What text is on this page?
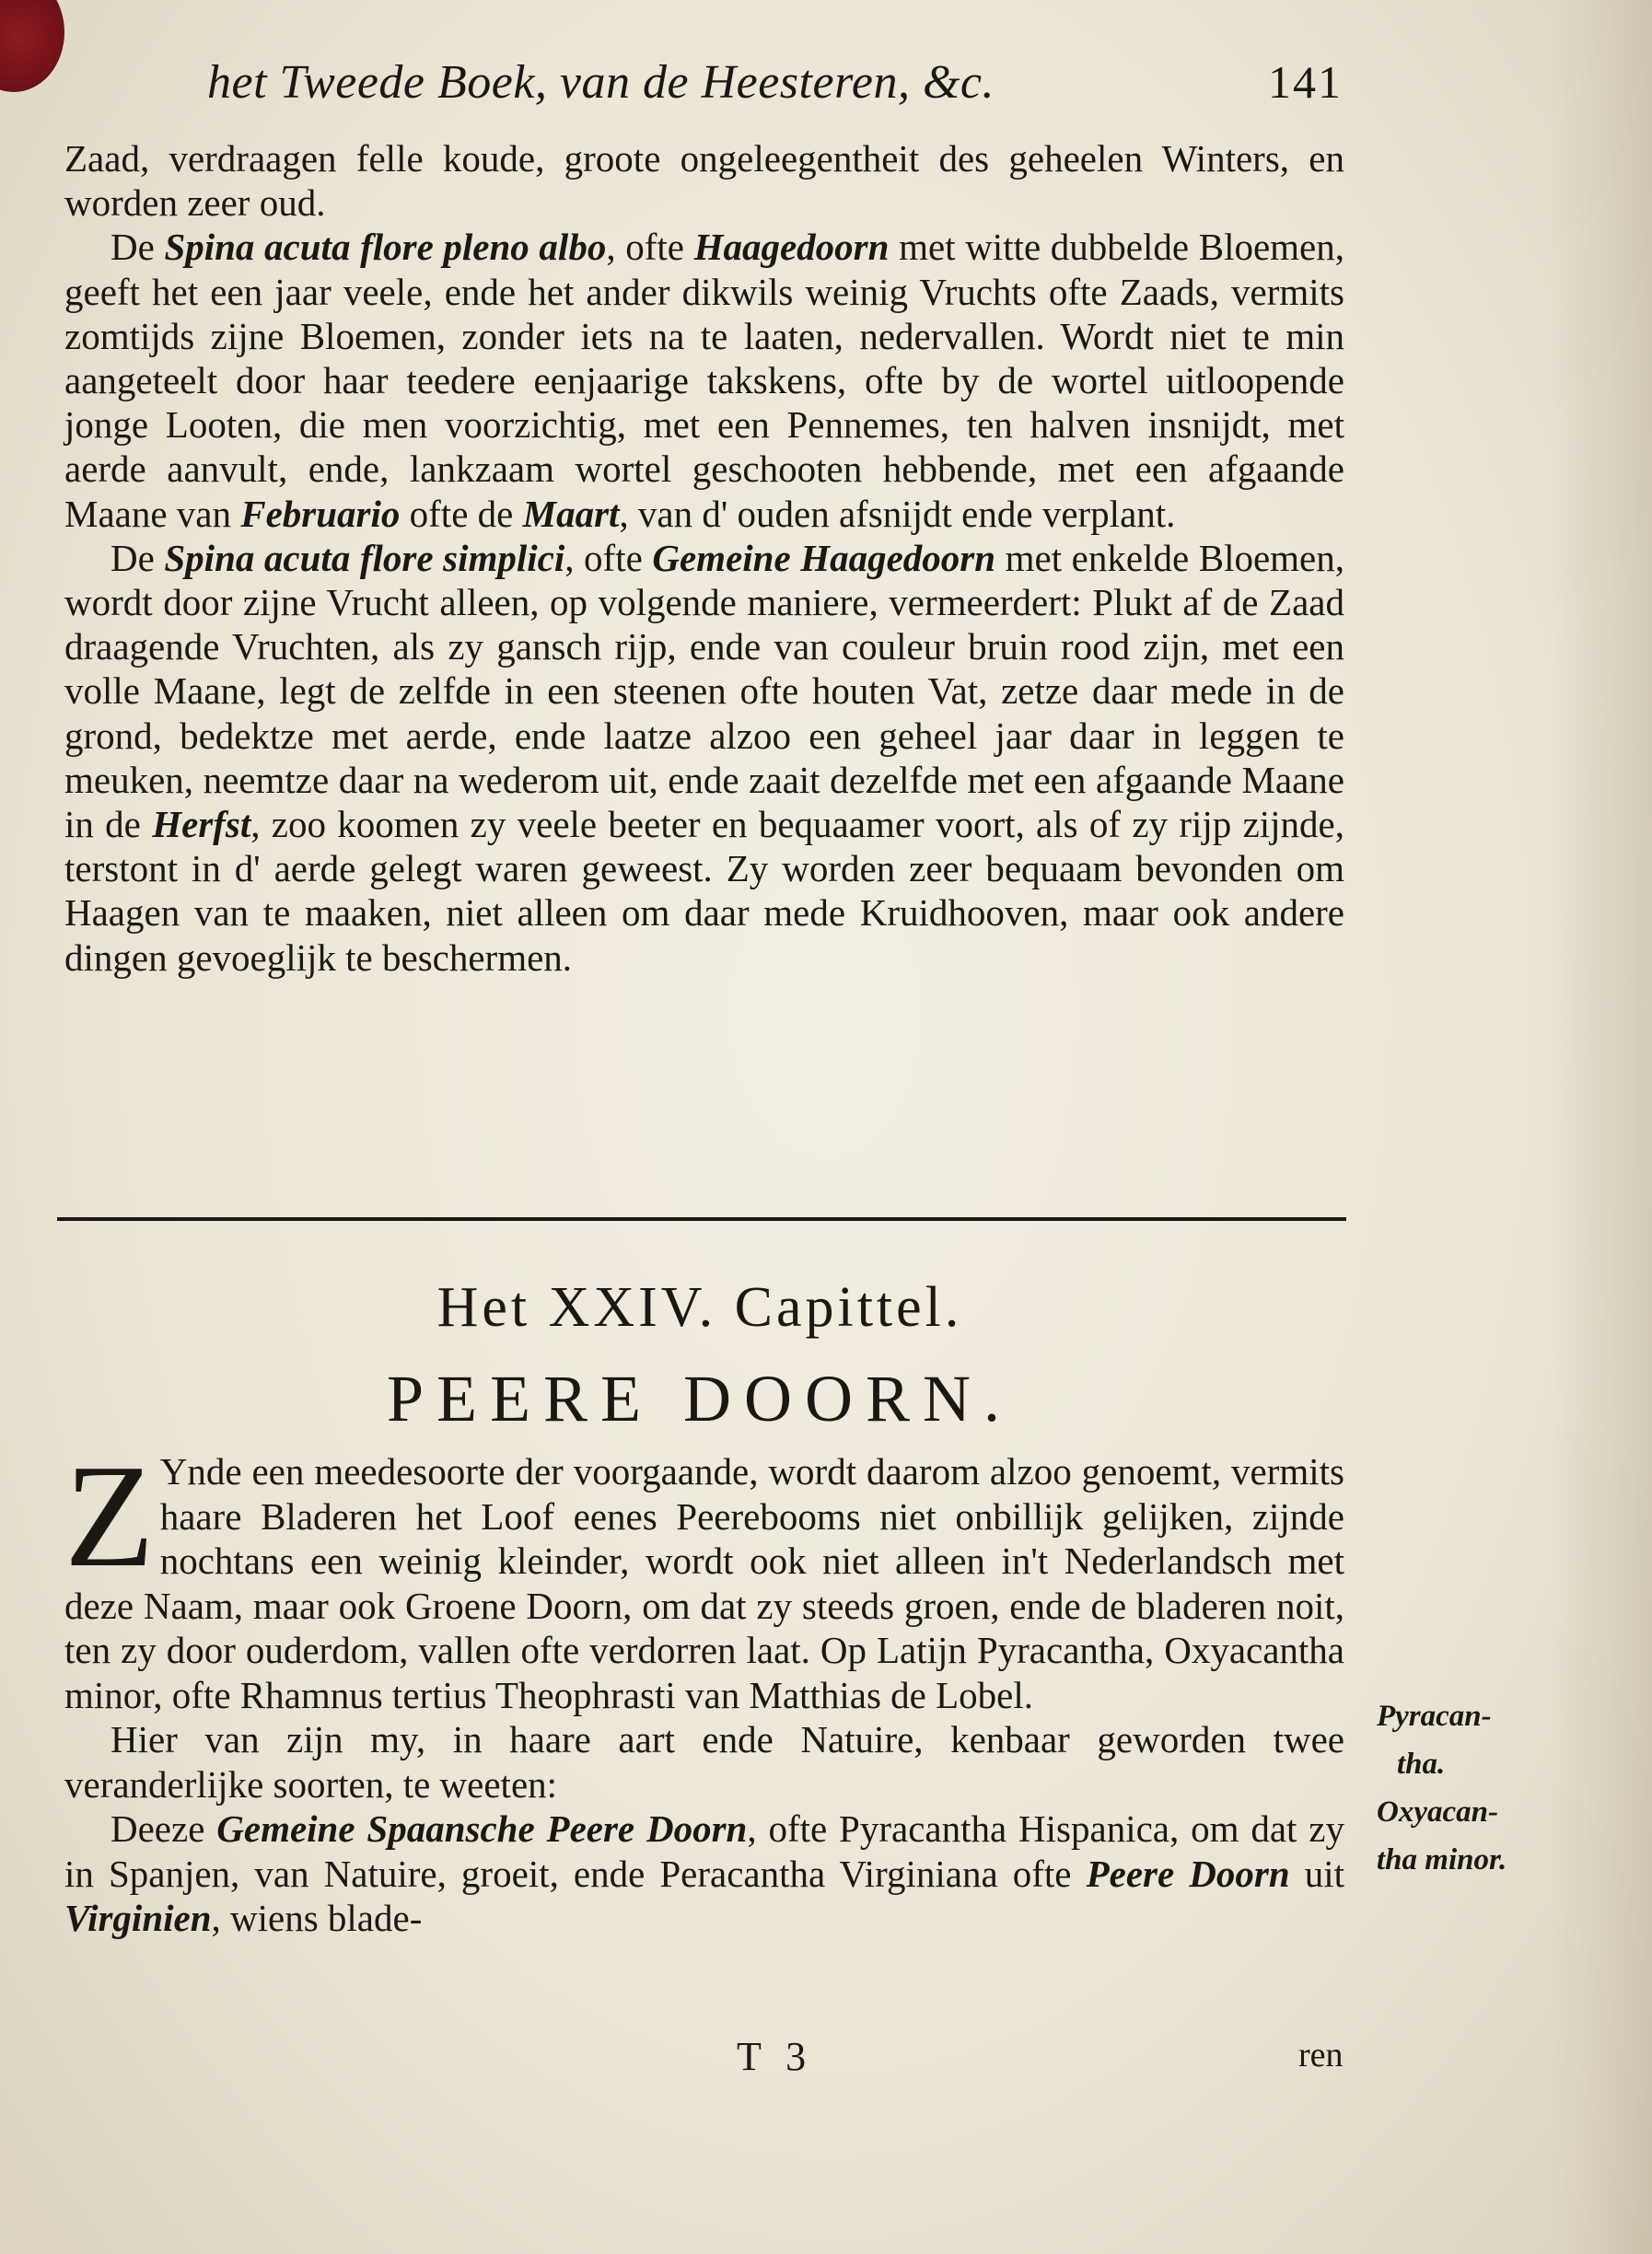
het Tweede Boek, van de Heesteren, &c.	141

Zaad, verdraagen felle koude, groote ongeleegentheit des geheelen Winters, en worden zeer oud.

De Spina acuta flore pleno albo, ofte Haagedoorn met witte dubbelde Bloemen, geeft het een jaar veele, ende het ander dikwils weinig Vruchts ofte Zaads, vermits zomtijds zijne Bloemen, zonder iets na te laaten, nedervallen. Wordt niet te min aangeteelt door haar teedere eenjaarige takskens, ofte by de wortel uitloopende jonge Looten, die men voorzichtig, met een Pennemes, ten halven insnijdt, met aerde aanvult, ende, lankzaam wortel geschooten hebbende, met een afgaande Maane van Februario ofte de Maart, van d' ouden afsnijdt ende verplant.

De Spina acuta flore simplici, ofte Gemeine Haagedoorn met enkelde Bloemen, wordt door zijne Vrucht alleen, op volgende maniere, vermeerdert: Plukt af de Zaad draagende Vruchten, als zy gansch rijp, ende van couleur bruin rood zijn, met een volle Maane, legt de zelfde in een steenen ofte houten Vat, zetze daar mede in de grond, bedektze met aerde, ende laatze alzoo een geheel jaar daar in leggen te meuken, neemtze daar na wederom uit, ende zaait dezelfde met een afgaande Maane in de Herfst, zoo koomen zy veele beeter en bequaamer voort, als of zy rijp zijnde, terstont in d' aerde gelegt waren geweest. Zy worden zeer bequaam bevonden om Haagen van te maaken, niet alleen om daar mede Kruidhooven, maar ook andere dingen gevoeglijk te beschermen.

Het XXIV. Capittel.
PEERE DOORN.

Z Ynde een meedesoorte der voorgaande, wordt daarom alzoo genoemt, vermits haare Bladeren het Loof eenes Peerebooms niet onbillijk gelijken, zijnde nochtans een weinig kleinder, wordt ook niet alleen in't Nederlandsch met deze Naam, maar ook Groene Doorn, om dat zy steeds groen, ende de bladeren noit, ten zy door ouderdom, vallen ofte verdorren laat. Op Latijn Pyracantha, Oxyacantha minor, ofte Rhamnus tertius Theophrasti van Matthias de Lobel.

Hier van zijn my, in haare aart ende Natuire, kenbaar geworden twee veranderlijke soorten, te weeten:

Deeze Gemeine Spaansche Peere Doorn, ofte Pyracantha Hispanica, om dat zy in Spanjen, van Natuire, groeit, ende Peracantha Virginiana ofte Peere Doorn uit Virginien, wiens blade-

Pyracan-
tha.
Oxyacan-
tha minor.
T 3	ren
